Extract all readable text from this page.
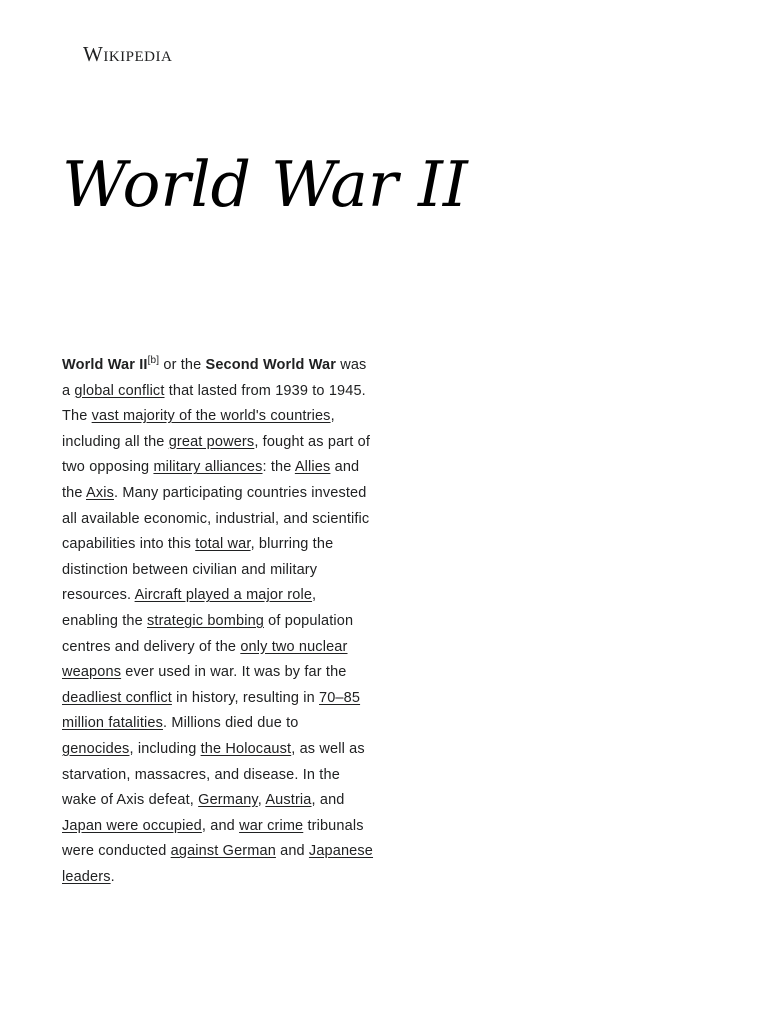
Wikipedia
World War II

World War II[b] or the Second World War was a global conflict that lasted from 1939 to 1945. The vast majority of the world's countries, including all the great powers, fought as part of two opposing military alliances: the Allies and the Axis. Many participating countries invested all available economic, industrial, and scientific capabilities into this total war, blurring the distinction between civilian and military resources. Aircraft played a major role, enabling the strategic bombing of population centres and delivery of the only two nuclear weapons ever used in war. It was by far the deadliest conflict in history, resulting in 70–85 million fatalities. Millions died due to genocides, including the Holocaust, as well as starvation, massacres, and disease. In the wake of Axis defeat, Germany, Austria, and Japan were occupied, and war crime tribunals were conducted against German and Japanese leaders.
